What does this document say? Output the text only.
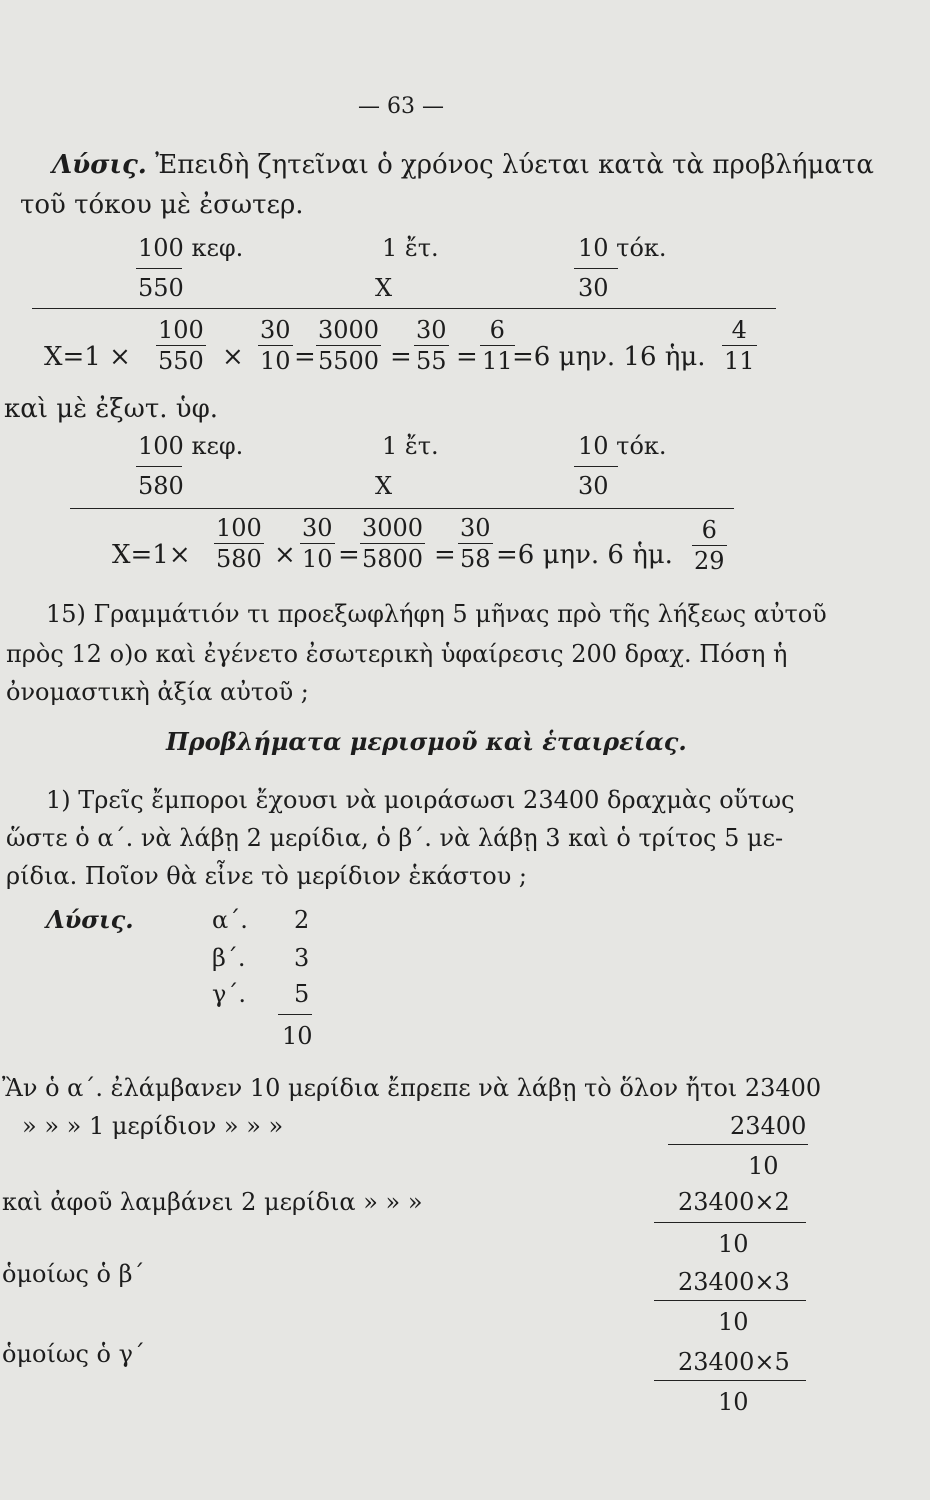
— 63 —
Λύσις. Ἐπειδὴ ζητεῖναι ὁ χρόνος λύεται κατὰ τὰ προβλήματα
τοῦ τόκου μὲ ἐσωτερ.
100 κεφ.	1 ἔτ.	10 τόκ.
550	X	30
X=1 ×
100
550 ×
30
10 =
3000
5500 =
30
55 =
6
11 =6 μην. 16 ἡμ.
4
11
καὶ μὲ ἐξωτ. ὑφ.
100 κεφ.	1 ἔτ.	10 τόκ.
580	X	30
X=1×
100
580 ×
30
10 =
3000
5800 =
30
58 =6 μην. 6 ἡμ.
6
29
15) Γραμμάτιόν τι προεξωφλήφη 5 μῆνας πρὸ τῆς λήξεως αὐτοῦ
πρὸς 12 ο)ο καὶ ἐγένετο ἐσωτερικὴ ὑφαίρεσις 200 δραχ. Πόση ἡ
ὀνομαστικὴ ἀξία αὐτοῦ ;
Προβλήματα μερισμοῦ καὶ ἑταιρείας.
1) Τρεῖς ἔμποροι ἔχουσι νὰ μοιράσωσι 23400 δραχμὰς οὕτως
ὥστε ὁ α΄. νὰ λάβῃ 2 μερίδια, ὁ β΄. νὰ λάβῃ 3 καὶ ὁ τρίτος 5 με-
ρίδια. Ποῖον θὰ εἶνε τὸ μερίδιον ἑκάστου ;
Λύσις.	α΄. 2
β΄. 3
γ΄. 5
10
Ἂν ὁ α΄. ἐλάμβανεν 10 μερίδια ἔπρεπε νὰ λάβῃ τὸ ὅλον ἤτοι 23400
» » » 1 μερίδιον » » »	23400
10
καὶ ἀφοῦ λαμβάνει 2 μερίδια » » »	23400×2
10
ὁμοίως ὁ β΄	23400×3
10
ὁμοίως ὁ γ΄	23400×5
10
